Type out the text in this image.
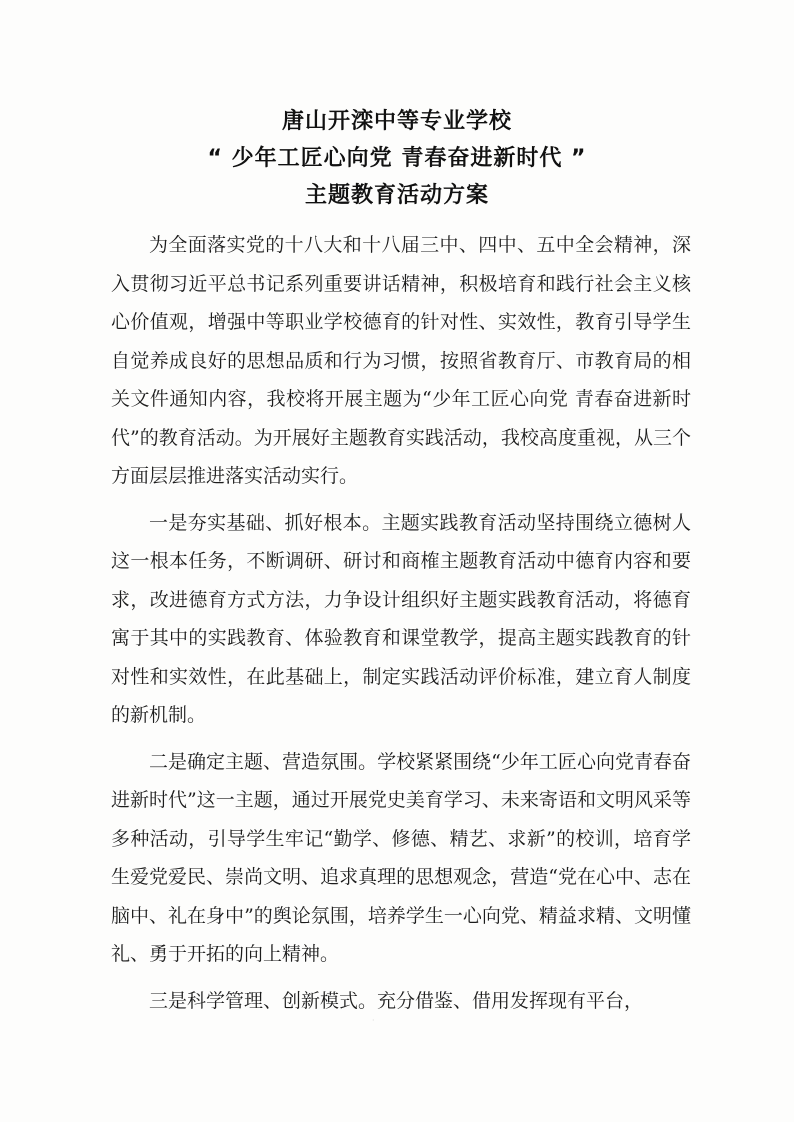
唐山开滦中等专业学校
“ 少年工匠心向党 青春奋进新时代 ”
主题教育活动方案

为全面落实党的十八大和十八届三中、四中、五中全会精神，深入贯彻习近平总书记系列重要讲话精神，积极培育和践行社会主义核心价值观，增强中等职业学校德育的针对性、实效性，教育引导学生自觉养成良好的思想品质和行为习惯，按照省教育厅、市教育局的相关文件通知内容，我校将开展主题为“少年工匠心向党 青春奋进新时代”的教育活动。为开展好主题教育实践活动，我校高度重视，从三个方面层层推进落实活动实行。

一是夯实基础、抓好根本。主题实践教育活动坚持围绕立德树人这一根本任务，不断调研、研讨和商榷主题教育活动中德育内容和要求，改进德育方式方法，力争设计组织好主题实践教育活动，将德育寓于其中的实践教育、体验教育和课堂教学，提高主题实践教育的针对性和实效性，在此基础上，制定实践活动评价标准，建立育人制度的新机制。

二是确定主题、营造氛围。学校紧紧围绕“少年工匠心向党青春奋进新时代”这一主题，通过开展党史美育学习、未来寄语和文明风采等多种活动，引导学生牢记“勤学、修德、精艺、求新”的校训，培育学生爱党爱民、崇尚文明、追求真理的思想观念，营造“党在心中、志在脑中、礼在身中”的舆论氛围，培养学生一心向党、精益求精、文明懂礼、勇于开拓的向上精神。

三是科学管理、创新模式。充分借鉴、借用发挥现有平台，

·
